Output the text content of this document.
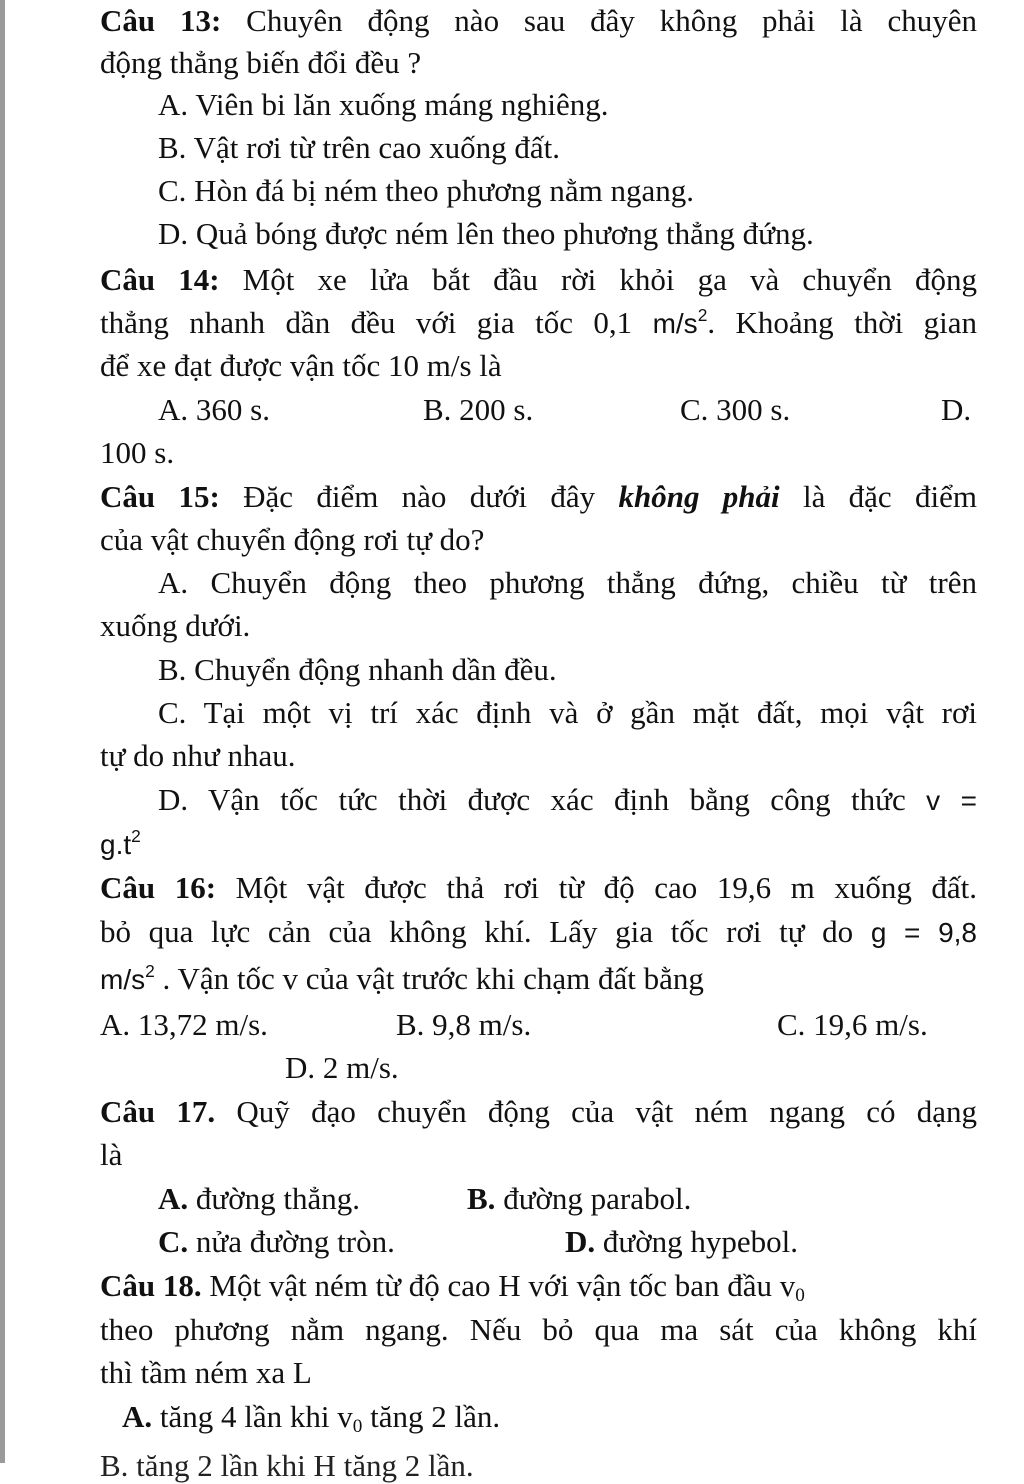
Câu 13: Chuyên động nào sau đây không phải là chuyên
động thẳng biến đổi đều ?
A. Viên bi lăn xuống máng nghiêng.
B. Vật rơi từ trên cao xuống đất.
C. Hòn đá bị ném theo phương nằm ngang.
D. Quả bóng được ném lên theo phương thẳng đứng.
Câu 14: Một xe lửa bắt đầu rời khỏi ga và chuyển động
thẳng nhanh dần đều với gia tốc 0,1 $m/s^2$. Khoảng thời gian
để xe đạt được vận tốc 10 m/s là
A. 360 s.	B. 200 s.	C. 300 s.	D.
100 s.
Câu 15: Đặc điểm nào dưới đây không phải là đặc điểm
của vật chuyển động rơi tự do?
A. Chuyển động theo phương thẳng đứng, chiều từ trên
xuống dưới.
B. Chuyển động nhanh dần đều.
C. Tại một vị trí xác định và ở gần mặt đất, mọi vật rơi
tự do như nhau.
D. Vận tốc tức thời được xác định bằng công thức v =
$g.t^2$
Câu 16: Một vật được thả rơi từ độ cao 19,6 m xuống đất.
bỏ qua lực cản của không khí. Lấy gia tốc rơi tự do g = 9,8
$m/s^2$ . Vận tốc v của vật trước khi chạm đất bằng
A. 13,72 m/s.	B. 9,8 m/s.	C. 19,6 m/s.
D. 2 m/s.
Câu 17. Quỹ đạo chuyển động của vật ném ngang có dạng
là
A. đường thẳng.	B. đường parabol.
C. nửa đường tròn.	D. đường hypebol.
Câu 18. Một vật ném từ độ cao H với vận tốc ban đầu $v_0$
theo phương nằm ngang. Nếu bỏ qua ma sát của không khí
thì tầm ném xa L
A. tăng 4 lần khi $v_0$ tăng 2 lần.
B. tăng 2 lần khi H tăng 2 lần.
